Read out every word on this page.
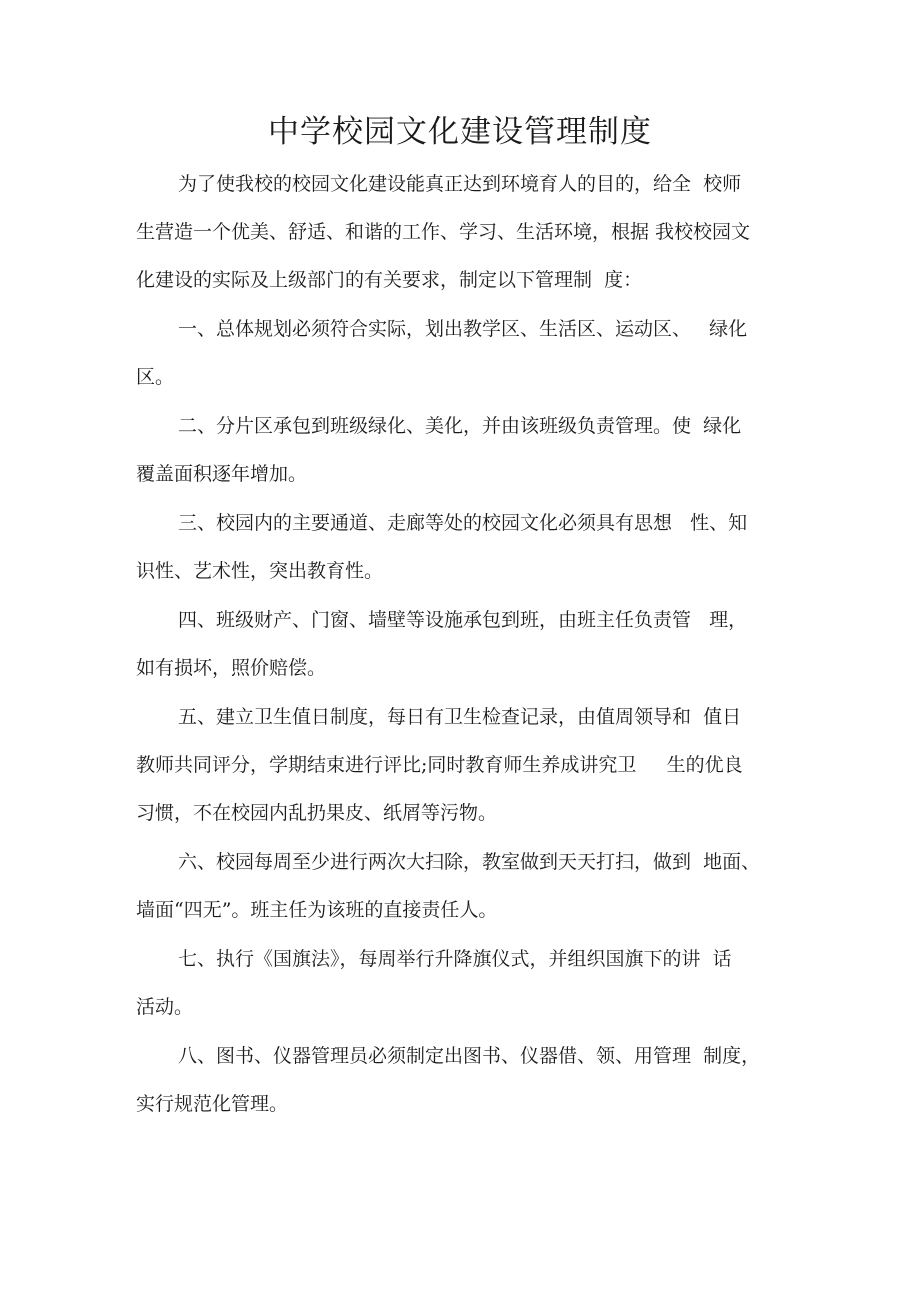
中学校园文化建设管理制度
为了使我校的校园文化建设能真正达到环境育人的目的，给全  校师
生营造一个优美、舒适、和谐的工作、学习、生活环境，根据 我校校园文
化建设的实际及上级部门的有关要求，制定以下管理制  度：
一、总体规划必须符合实际，划出教学区、生活区、运动区、   绿化
区。
二、分片区承包到班级绿化、美化，并由该班级负责管理。使  绿化
覆盖面积逐年增加。
三、校园内的主要通道、走廊等处的校园文化必须具有思想   性、知
识性、艺术性，突出教育性。
四、班级财产、门窗、墙壁等设施承包到班，由班主任负责管   理，
如有损坏，照价赔偿。
五、建立卫生值日制度，每日有卫生检查记录，由值周领导和  值日
教师共同评分，学期结束进行评比;同时教育师生养成讲究卫     生的优良
习惯，不在校园内乱扔果皮、纸屑等污物。
六、校园每周至少进行两次大扫除，教室做到天天打扫，做到  地面、
墙面“四无”。班主任为该班的直接责任人。
七、执行《国旗法》，每周举行升降旗仪式，并组织国旗下的讲  话
活动。
八、图书、仪器管理员必须制定出图书、仪器借、领、用管理  制度，
实行规范化管理。
